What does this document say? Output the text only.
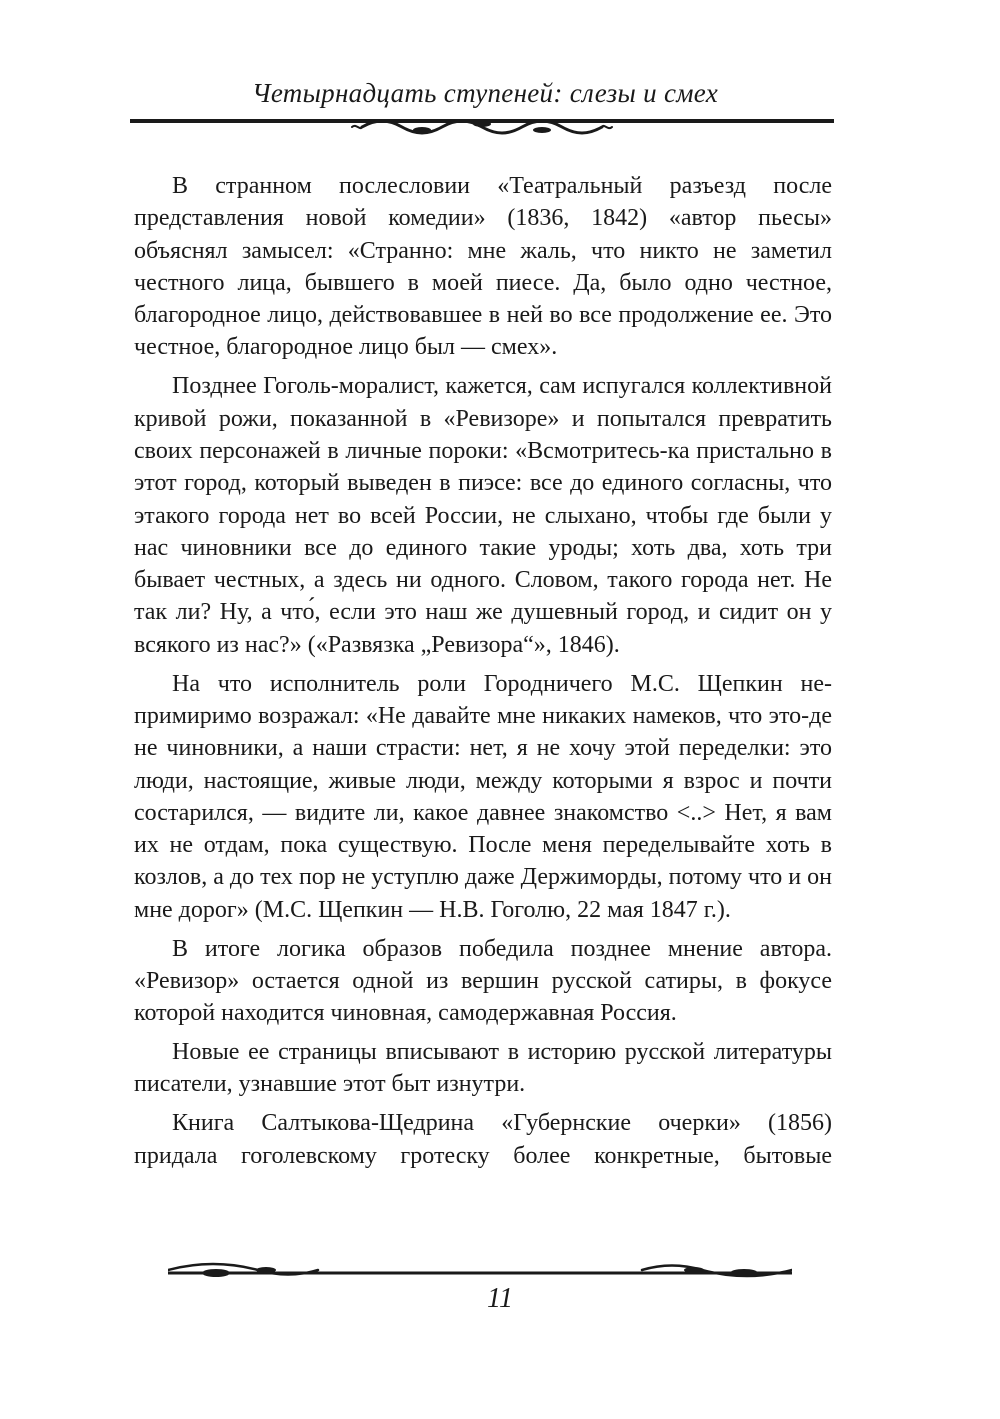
Четырнадцать ступеней: слезы и смех

В странном послесловии «Театральный разъезд после представления новой комедии» (1836, 1842) «автор пьесы» объяснял замысел: «Странно: мне жаль, что никто не заметил честного лица, бывшего в моей пиесе. Да, было одно честное, благородное лицо, действовавшее в ней во все продолжение ее. Это честное, благородное лицо был — смех».

Позднее Гоголь-моралист, кажется, сам испугался коллективной кривой рожи, показанной в «Ревизоре» и попытался превратить своих персонажей в личные пороки: «Всмотритесь-ка пристально в этот город, который выведен в пиэсе: все до единого согласны, что этакого города нет во всей России, не слыхано, чтобы где были у нас чиновники все до единого такие уроды; хоть два, хоть три бывает честных, а здесь ни одного. Словом, такого города нет. Не так ли? Ну, а что́, если это наш же душевный город, и сидит он у всякого из нас?» («Развязка „Ревизора“», 1846).

На что исполнитель роли Городничего М.С. Щепкин непримиримо возражал: «Не давайте мне никаких намеков, что это-де не чиновники, а наши страсти: нет, я не хочу этой переделки: это люди, настоящие, живые люди, между которыми я взрос и почти состарился, — видите ли, какое давнее знакомство <..> Нет, я вам их не отдам, пока существую. После меня переделывайте хоть в козлов, а до тех пор не уступлю даже Держиморды, потому что и он мне дорог» (М.С. Щепкин — Н.В. Гоголю, 22 мая 1847 г.).

В итоге логика образов победила позднее мнение автора. «Ревизор» остается одной из вершин русской сатиры, в фокусе которой находится чиновная, самодержавная Россия.

Новые ее страницы вписывают в историю русской литературы писатели, узнавшие этот быт изнутри.

Книга Салтыкова-Щедрина «Губернские очерки» (1856) придала гоголевскому гротеску более конкретные, бытовые

11
